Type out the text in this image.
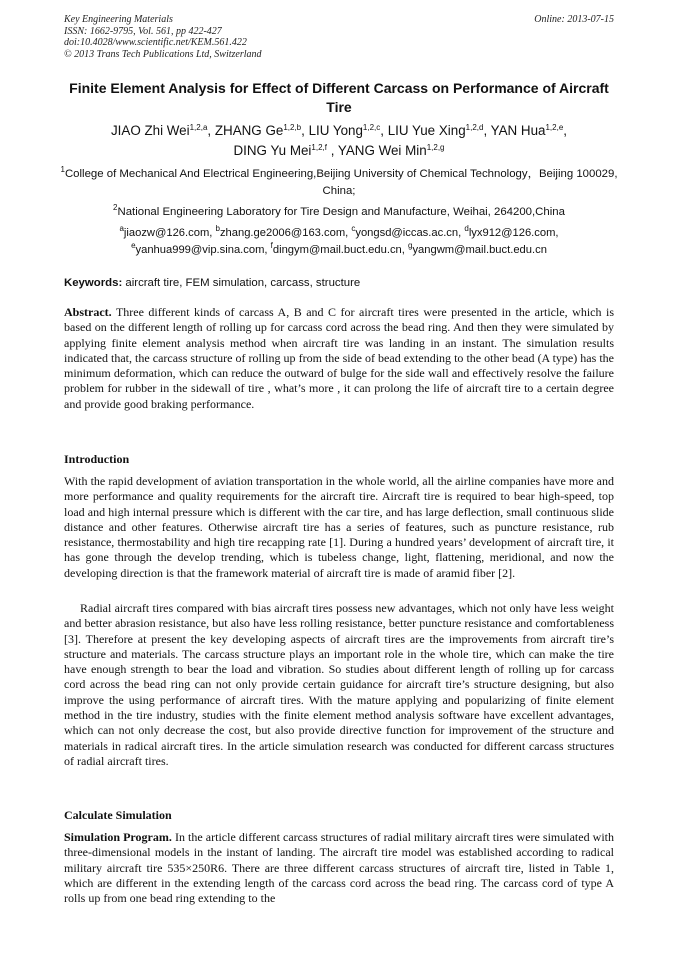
Key Engineering Materials
ISSN: 1662-9795, Vol. 561, pp 422-427
doi:10.4028/www.scientific.net/KEM.561.422
© 2013 Trans Tech Publications Ltd, Switzerland
Online: 2013-07-15
Finite Element Analysis for Effect of Different Carcass on Performance of Aircraft Tire
JIAO Zhi Wei$^{1,2,a}$, ZHANG Ge$^{1,2,b}$, LIU Yong$^{1,2,c}$, LIU Yue Xing$^{1,2,d}$, YAN Hua$^{1,2,e}$,
DING Yu Mei$^{1,2,f}$ , YANG Wei Min$^{1,2,g}$
$^1$College of Mechanical And Electrical Engineering,Beijing University of Chemical Technology，Beijing 100029, China;
$^2$National Engineering Laboratory for Tire Design and Manufacture, Weihai, 264200,China
$^a$jiaozw@126.com, $^b$zhang.ge2006@163.com, $^c$yongsd@iccas.ac.cn, $^d$lyx912@126.com,
$^e$yanhua999@vip.sina.com, $^f$dingym@mail.buct.edu.cn, $^g$yangwm@mail.buct.edu.cn
Keywords: aircraft tire, FEM simulation, carcass, structure
Abstract. Three different kinds of carcass A, B and C for aircraft tires were presented in the article, which is based on the different length of rolling up for carcass cord across the bead ring. And then they were simulated by applying finite element analysis method when aircraft tire was landing in an instant. The simulation results indicated that, the carcass structure of rolling up from the side of bead extending to the other bead (A type) has the minimum deformation, which can reduce the outward of bulge for the side wall and effectively resolve the failure problem for rubber in the sidewall of tire , what’s more , it can prolong the life of aircraft tire to a certain degree and provide good braking performance.
Introduction
With the rapid development of aviation transportation in the whole world, all the airline companies have more and more performance and quality requirements for the aircraft tire. Aircraft tire is required to bear high-speed, top load and high internal pressure which is different with the car tire, and has large deflection, small continuous slide distance and other features. Otherwise aircraft tire has a series of features, such as puncture resistance, rub resistance, thermostability and high tire recapping rate [1]. During a hundred years’ development of aircraft tire, it has gone through the develop trending, which is tubeless change, light, flattening, meridional, and now the developing direction is that the framework material of aircraft tire is made of aramid fiber [2].
Radial aircraft tires compared with bias aircraft tires possess new advantages, which not only have less weight and better abrasion resistance, but also have less rolling resistance, better puncture resistance and comfortableness [3]. Therefore at present the key developing aspects of aircraft tires are the improvements from aircraft tire’s structure and materials. The carcass structure plays an important role in the whole tire, which can make the tire have enough strength to bear the load and vibration. So studies about different length of rolling up for carcass cord across the bead ring can not only provide certain guidance for aircraft tire’s structure designing, but also improve the using performance of aircraft tires. With the mature applying and popularizing of finite element method in the tire industry, studies with the finite element method analysis software have excellent advantages, which can not only decrease the cost, but also provide directive function for improvement of the structure and materials in radical aircraft tires. In the article simulation research was conducted for different carcass structures of radial aircraft tires.
Calculate Simulation
Simulation Program. In the article different carcass structures of radial military aircraft tires were simulated with three-dimensional models in the instant of landing. The aircraft tire model was established according to radical military aircraft tire 535×250R6. There are three different carcass structures of aircraft tire, listed in Table 1, which are different in the extending length of the carcass cord across the bead ring. The carcass cord of type A rolls up from one bead ring extending to the
